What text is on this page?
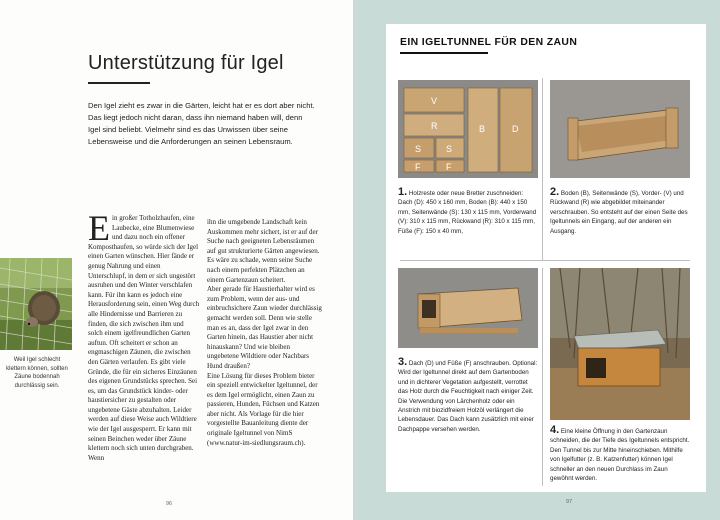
Unterstützung für Igel
Den Igel zieht es zwar in die Gärten, leicht hat er es dort aber nicht. Das liegt jedoch nicht daran, dass ihn niemand haben will, denn Igel sind beliebt. Vielmehr sind es das Unwissen über seine Lebensweise und die Anforderungen an seinen Lebensraum.
Weil Igel schlecht klettern können, sollten Zäune bodennah durchlässig sein.
Ein großer Totholzhaufen, eine Laubecke, eine Blumenwiese und dazu noch ein offener Komposthaufen, so würde sich der Igel einen Garten wünschen. Hier fände er genug Nahrung und einen Unterschlupf, in dem er sich ungestört ausruhen und den Winter verschlafen kann. Für ihn kann es jedoch eine Herausforderung sein, einen Weg durch alle Hindernisse und Barrieren zu finden, die sich zwischen ihm und solch einem igelfreundlichen Garten auftun. Oft scheitert er schon an engmaschigen Zäunen, die zwischen den Gärten verlaufen. Es gibt viele Gründe, die für ein sicheres Einzäunen des eigenen Grundstücks sprechen. Sei es, um das Grundstück kinder- oder haustiersicher zu gestalten oder ungebetene Gäste abzuhalten. Leider werden auf diese Weise auch Wildtiere wie der Igel ausgesperrt. Er kann mit seinen Beinchen weder über Zäune klettern noch sich unten durchgraben. Wenn

ihn die umgebende Landschaft kein Auskommen mehr sichert, ist er auf der Suche nach geeigneten Lebensräumen auf gut strukturierte Gärten angewiesen. Es wäre zu schade, wenn seine Suche nach einem perfekten Plätzchen an einem Gartenzaun scheitert.

Aber gerade für Haustierhalter wird es zum Problem, wenn der aus- und einbruchsichere Zaun wieder durchlässig gemacht werden soll. Denn wie stelle man es an, dass der Igel zwar in den Garten hinein, das Haustier aber nicht hinauskann? Und wie bleiben ungebetene Wildtiere oder Nachbars Hund draußen?

Eine Lösung für dieses Problem bieter ein speziell entwickelter Igeltunnel, der es dem Igel ermöglicht, einen Zaun zu passieren, Hunden, Füchsen und Katzen aber nicht. Als Vorlage für die hier vorgestellte Bauanleitung diente der originale Igeltunnel von NimS (www.natur-im-siedlungsraum.ch).

96
EIN IGELTUNNEL FÜR DEN ZAUN
V
R	B	D
S	S
F	F
1. Holzreste oder neue Bretter zuschneiden: Dach (D): 450 x 160 mm, Boden (B): 440 x 150 mm, Seitenwände (S): 130 x 115 mm, Vorderwand (V): 310 x 115 mm, Rückwand (R): 310 x 115 mm, Füße (F): 150 x 40 mm,
2. Boden (B), Seitenwände (S), Vorder- (V) und Rückwand (R) wie abgebildet miteinander verschrauben. So entsteht auf der einen Seite des Igeltunnels ein Eingang, auf der anderen ein Ausgang.
3. Dach (D) und Füße (F) anschrauben. Optional: Wird der Igeltunnel direkt auf dem Gartenboden und in dichterer Vegetation aufgestellt, verrottet das Holz durch die Feuchtigkeit nach einiger Zeit. Die Verwendung von Lärchenholz oder ein Anstrich mit biozidfreiem Holzöl verlängert die Lebensdauer. Das Dach kann zusätzlich mit einer Dachpappe versehen werden.	4. Eine kleine Öffnung in den Gartenzaun schneiden, die der Tiefe des Igeltunnels entspricht. Den Tunnel bis zur Mitte hineinschieben. Mithilfe von Igelfutter (z. B. Katzenfutter) können Igel schneller an den neuen Durchlass im Zaun gewöhnt werden.
97
